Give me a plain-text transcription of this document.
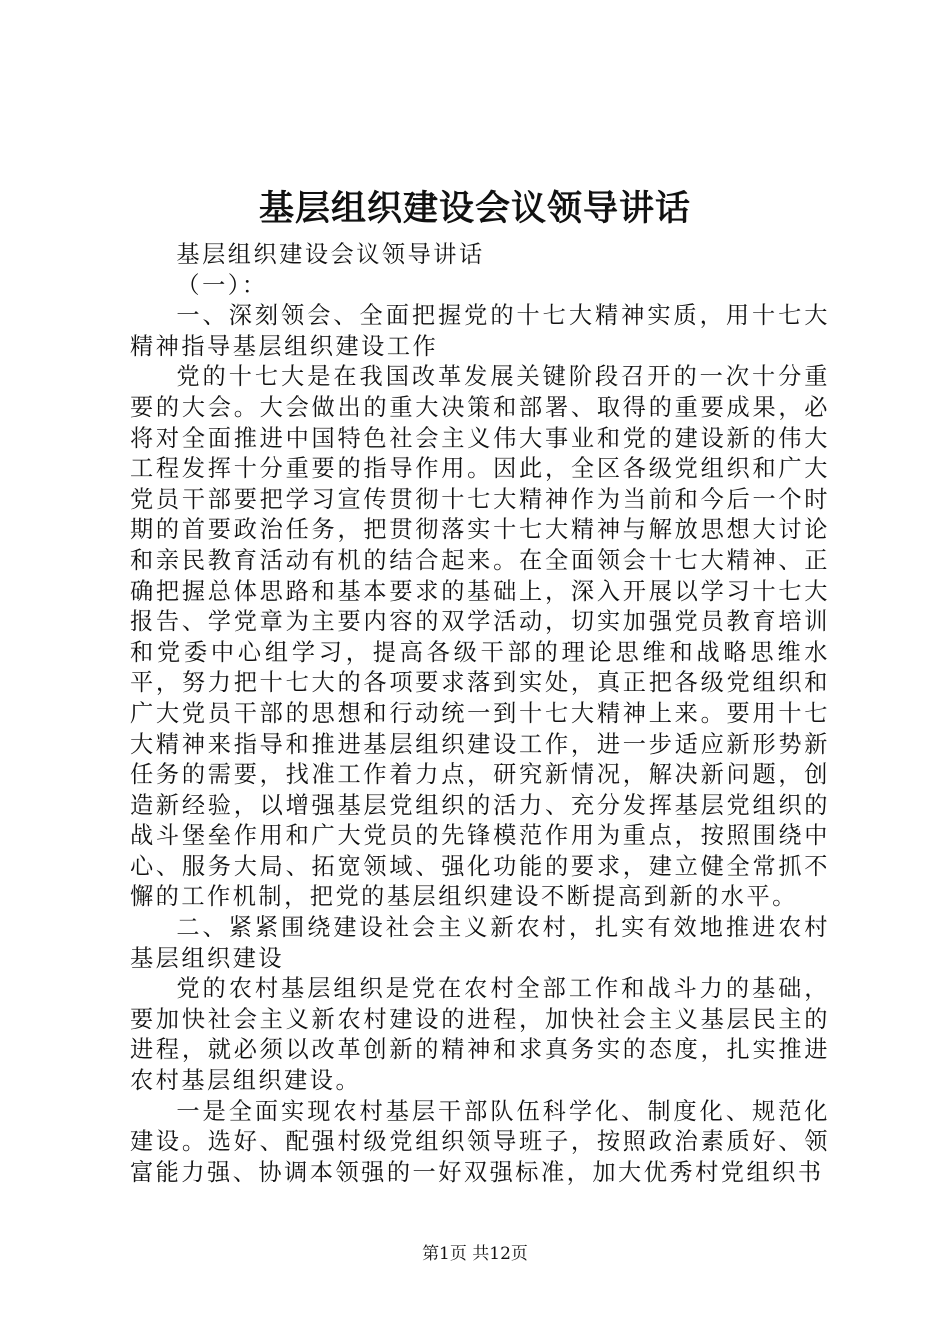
基层组织建设会议领导讲话

基层组织建设会议领导讲话

（一）：

一、深刻领会、全面把握党的十七大精神实质，用十七大精神指导基层组织建设工作

党的十七大是在我国改革发展关键阶段召开的一次十分重要的大会。大会做出的重大决策和部署、取得的重要成果，必将对全面推进中国特色社会主义伟大事业和党的建设新的伟大工程发挥十分重要的指导作用。因此，全区各级党组织和广大党员干部要把学习宣传贯彻十七大精神作为当前和今后一个时期的首要政治任务，把贯彻落实十七大精神与解放思想大讨论和亲民教育活动有机的结合起来。在全面领会十七大精神、正确把握总体思路和基本要求的基础上，深入开展以学习十七大报告、学党章为主要内容的双学活动，切实加强党员教育培训和党委中心组学习，提高各级干部的理论思维和战略思维水平，努力把十七大的各项要求落到实处，真正把各级党组织和广大党员干部的思想和行动统一到十七大精神上来。要用十七大精神来指导和推进基层组织建设工作，进一步适应新形势新任务的需要，找准工作着力点，研究新情况，解决新问题，创造新经验，以增强基层党组织的活力、充分发挥基层党组织的战斗堡垒作用和广大党员的先锋模范作用为重点，按照围绕中心、服务大局、拓宽领域、强化功能的要求，建立健全常抓不懈的工作机制，把党的基层组织建设不断提高到新的水平。

二、紧紧围绕建设社会主义新农村，扎实有效地推进农村基层组织建设

党的农村基层组织是党在农村全部工作和战斗力的基础，要加快社会主义新农村建设的进程，加快社会主义基层民主的进程，就必须以改革创新的精神和求真务实的态度，扎实推进农村基层组织建设。

一是全面实现农村基层干部队伍科学化、制度化、规范化建设。选好、配强村级党组织领导班子，按照政治素质好、领富能力强、协调本领强的一好双强标准，加大优秀村党组织书

第1页 共12页
